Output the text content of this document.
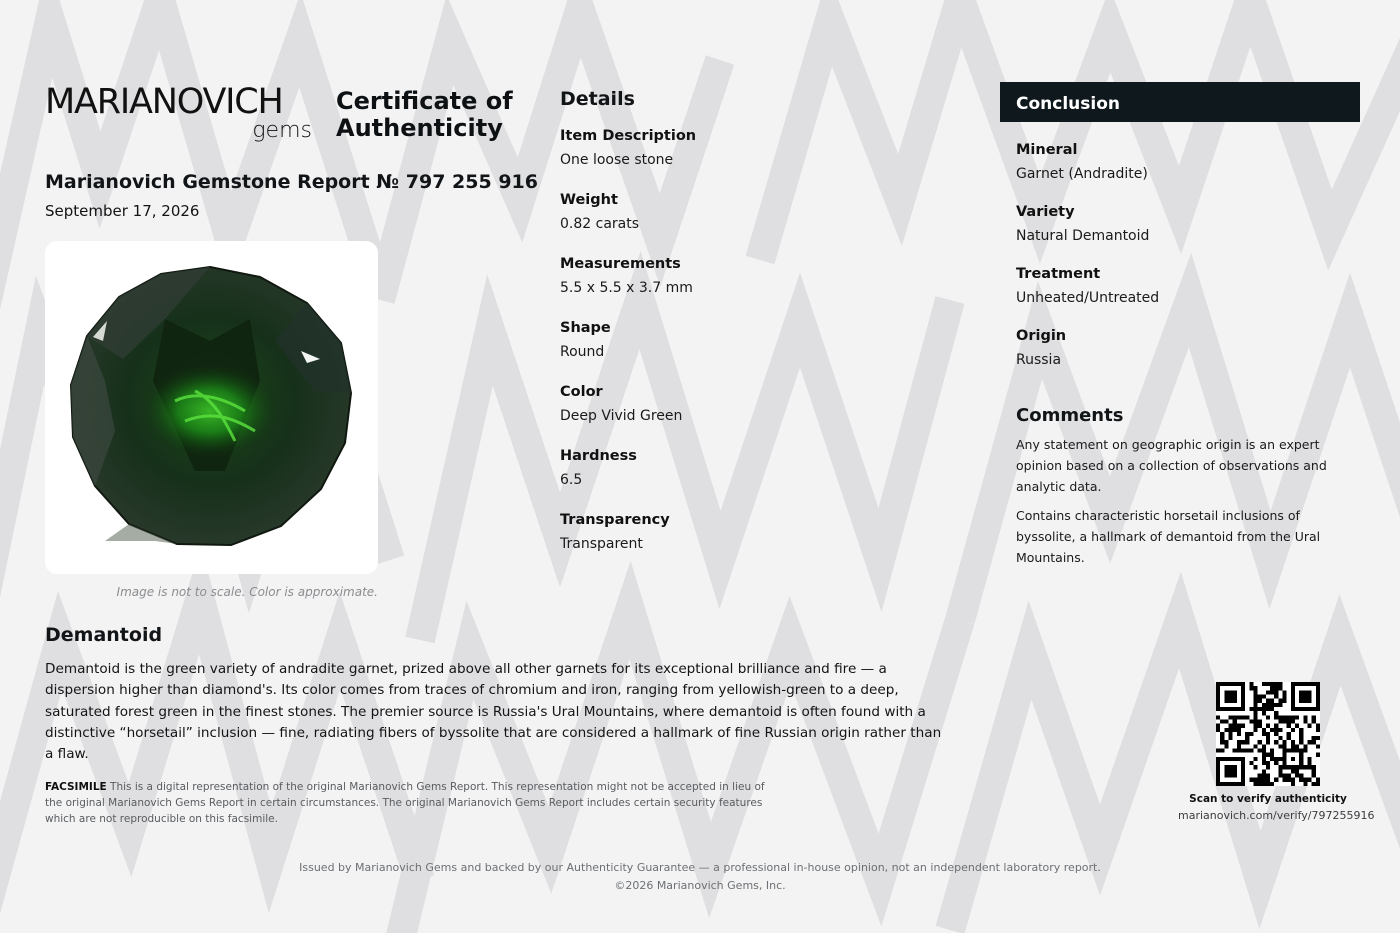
MARIANOVICH
gems
Certificate of
Authenticity
Marianovich Gemstone Report № 797 255 916
September 17, 2026
Image is not to scale. Color is approximate.
Details
Item Description
One loose stone
Weight
0.82 carats
Measurements
5.5 x 5.5 x 3.7 mm
Shape
Round
Color
Deep Vivid Green
Hardness
6.5
Transparency
Transparent
Conclusion
Mineral
Garnet (Andradite)
Variety
Natural Demantoid
Treatment
Unheated/Untreated
Origin
Russia
Comments

Any statement on geographic origin is an expert opinion based on a collection of observations and analytic data.

Contains characteristic horsetail inclusions of byssolite, a hallmark of demantoid from the Ural Mountains.

Demantoid
Demantoid is the green variety of andradite garnet, prized above all other garnets for its exceptional brilliance and fire — a dispersion higher than diamond's. Its color comes from traces of chromium and iron, ranging from yellowish-green to a deep, saturated forest green in the finest stones. The premier source is Russia's Ural Mountains, where demantoid is often found with a distinctive “horsetail” inclusion — fine, radiating fibers of byssolite that are considered a hallmark of fine Russian origin rather than a flaw.
FACSIMILE This is a digital representation of the original Marianovich Gems Report. This representation might not be accepted in lieu of the original Marianovich Gems Report in certain circumstances. The original Marianovich Gems Report includes certain security features which are not reproducible on this facsimile.
Scan to verify authenticity
marianovich.com/verify/797255916
Issued by Marianovich Gems and backed by our Authenticity Guarantee — a professional in-house opinion, not an independent laboratory report.
©2026 Marianovich Gems, Inc.
